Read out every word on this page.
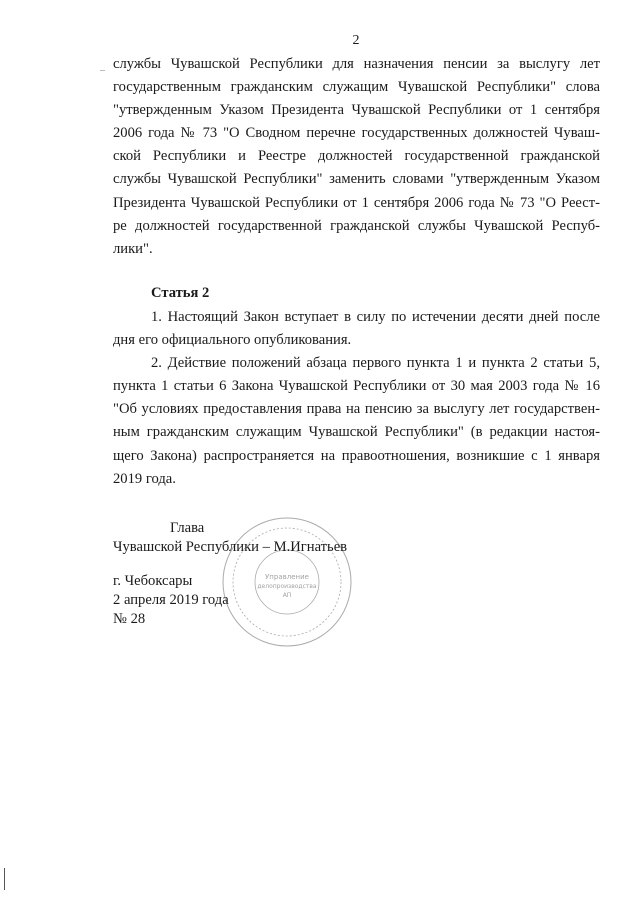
2

службы Чувашской Республики для назначения пенсии за выслугу лет

государственным гражданским служащим Чувашской Республики" слова

"утвержденным Указом Президента Чувашской Республики от 1 сентября

2006 года № 73 "О Сводном перечне государственных должностей Чуваш-

ской Республики и Реестре должностей государственной гражданской

службы Чувашской Республики" заменить словами "утвержденным Указом

Президента Чувашской Республики от 1 сентября 2006 года № 73 "О Реест-

ре должностей государственной гражданской службы Чувашской Респуб-

лики".

Статья 2

1. Настоящий Закон вступает в силу по истечении десяти дней после

дня его официального опубликования.

2. Действие положений абзаца первого пункта 1 и пункта 2 статьи 5,

пункта 1 статьи 6 Закона Чувашской Республики от 30 мая 2003 года № 16

"Об условиях предоставления права на пенсию за выслугу лет государствен-

ным гражданским служащим Чувашской Республики" (в редакции настоя-

щего Закона) распространяется на правоотношения, возникшие с 1 января

2019 года.

Управление
делопроизводства
АП
Глава
Чувашской Республики – М.Игнатьев
г. Чебоксары
2 апреля 2019 года
№ 28
